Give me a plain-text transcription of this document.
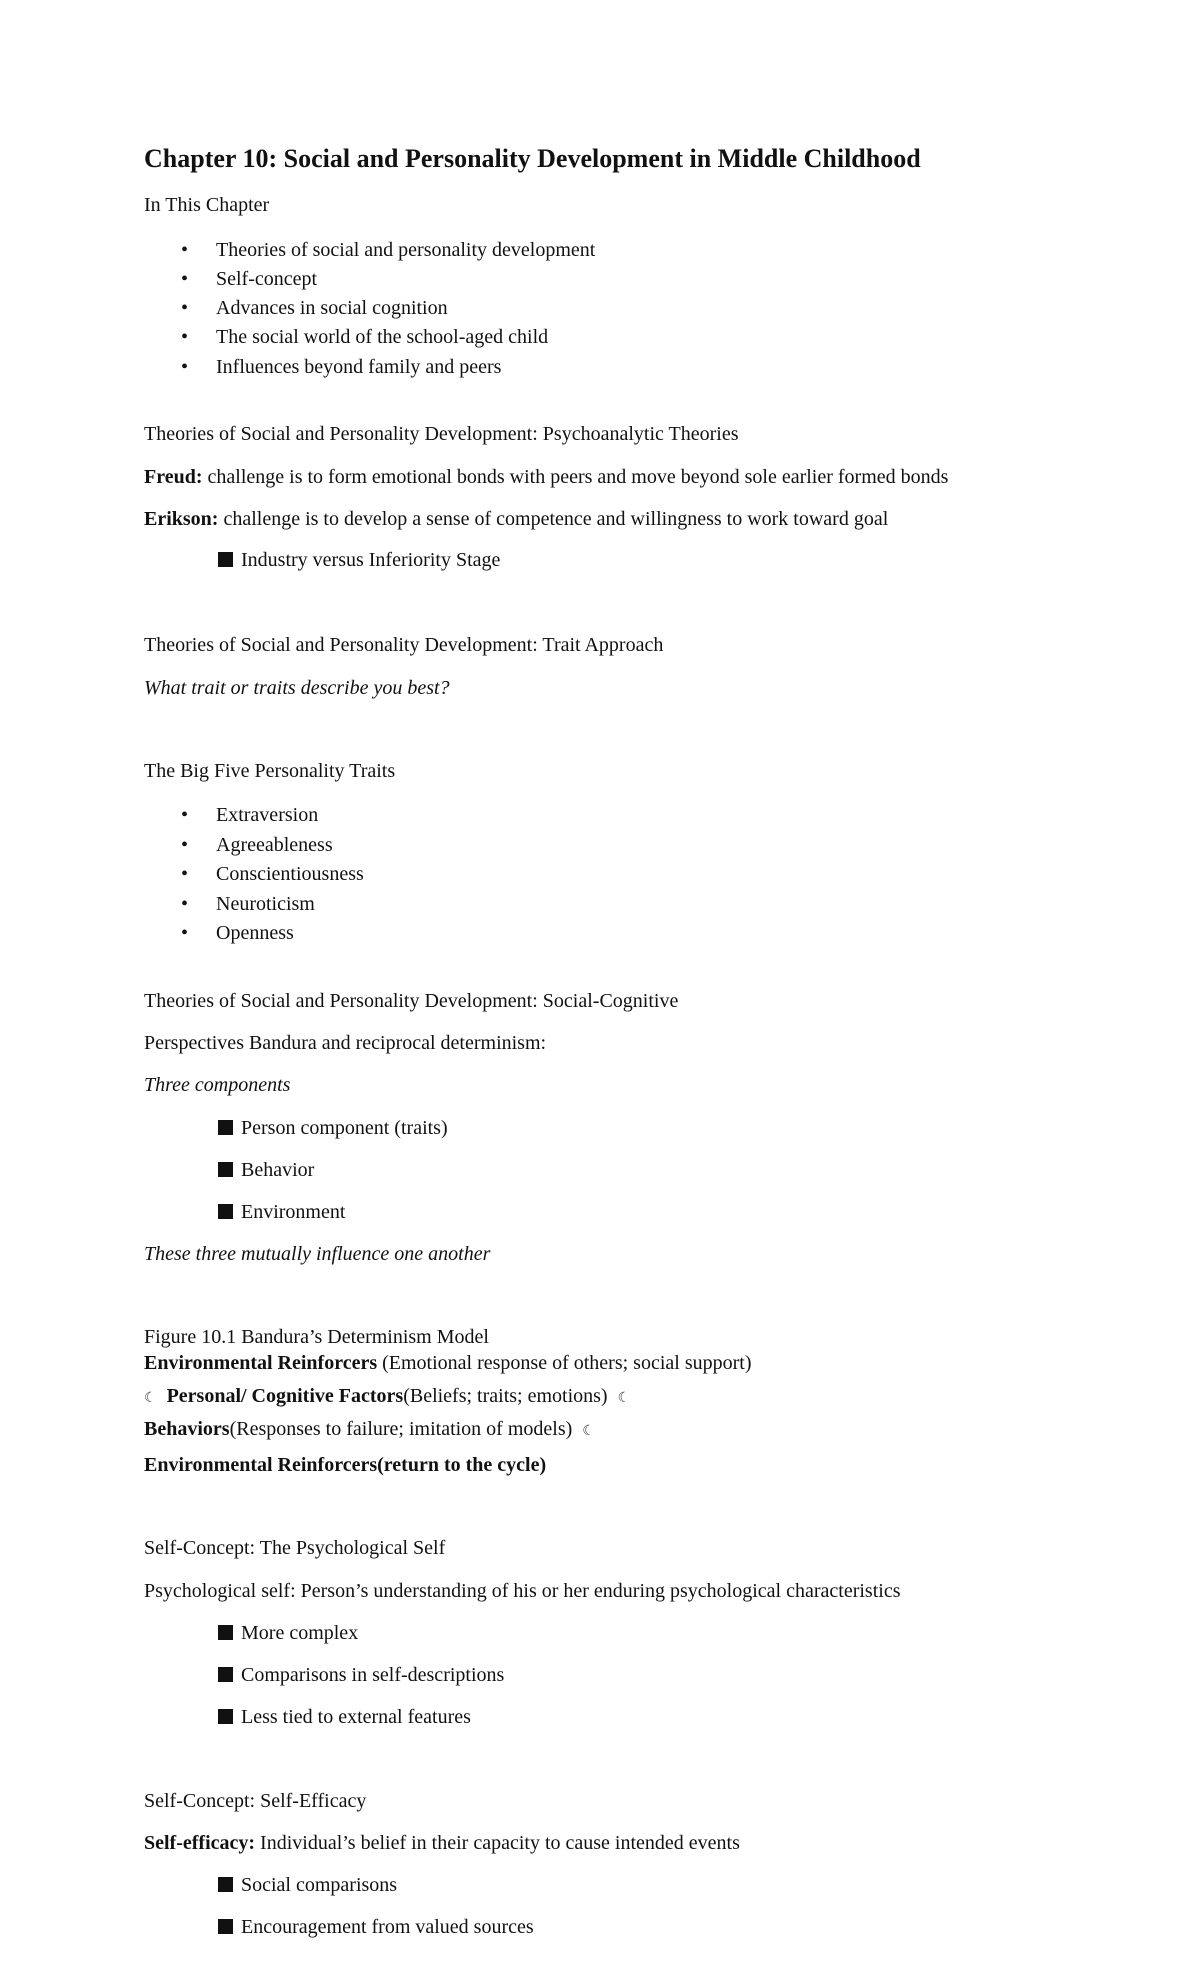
Chapter 10: Social and Personality Development in Middle Childhood
In This Chapter
• Theories of social and personality development
• Self-concept
• Advances in social cognition
• The social world of the school-aged child
• Influences beyond family and peers
Theories of Social and Personality Development: Psychoanalytic Theories
Freud: challenge is to form emotional bonds with peers and move beyond sole earlier formed bonds
Erikson: challenge is to develop a sense of competence and willingness to work toward goal
Industry versus Inferiority Stage
Theories of Social and Personality Development: Trait Approach
What trait or traits describe you best?
The Big Five Personality Traits
• Extraversion
• Agreeableness
• Conscientiousness
• Neuroticism
• Openness
Theories of Social and Personality Development: Social-Cognitive
Perspectives Bandura and reciprocal determinism:
Three components
Person component (traits)
Behavior
Environment
These three mutually influence one another
Figure 10.1 Bandura’s Determinism Model
Environmental Reinforcers (Emotional response of others; social support)
☾ Personal/ Cognitive Factors(Beliefs; traits; emotions) ☾
Behaviors(Responses to failure; imitation of models) ☾
Environmental Reinforcers(return to the cycle)
Self-Concept: The Psychological Self
Psychological self: Person’s understanding of his or her enduring psychological characteristics
More complex
Comparisons in self-descriptions
Less tied to external features
Self-Concept: Self-Efficacy
Self-efficacy: Individual’s belief in their capacity to cause intended events
Social comparisons
Encouragement from valued sources
